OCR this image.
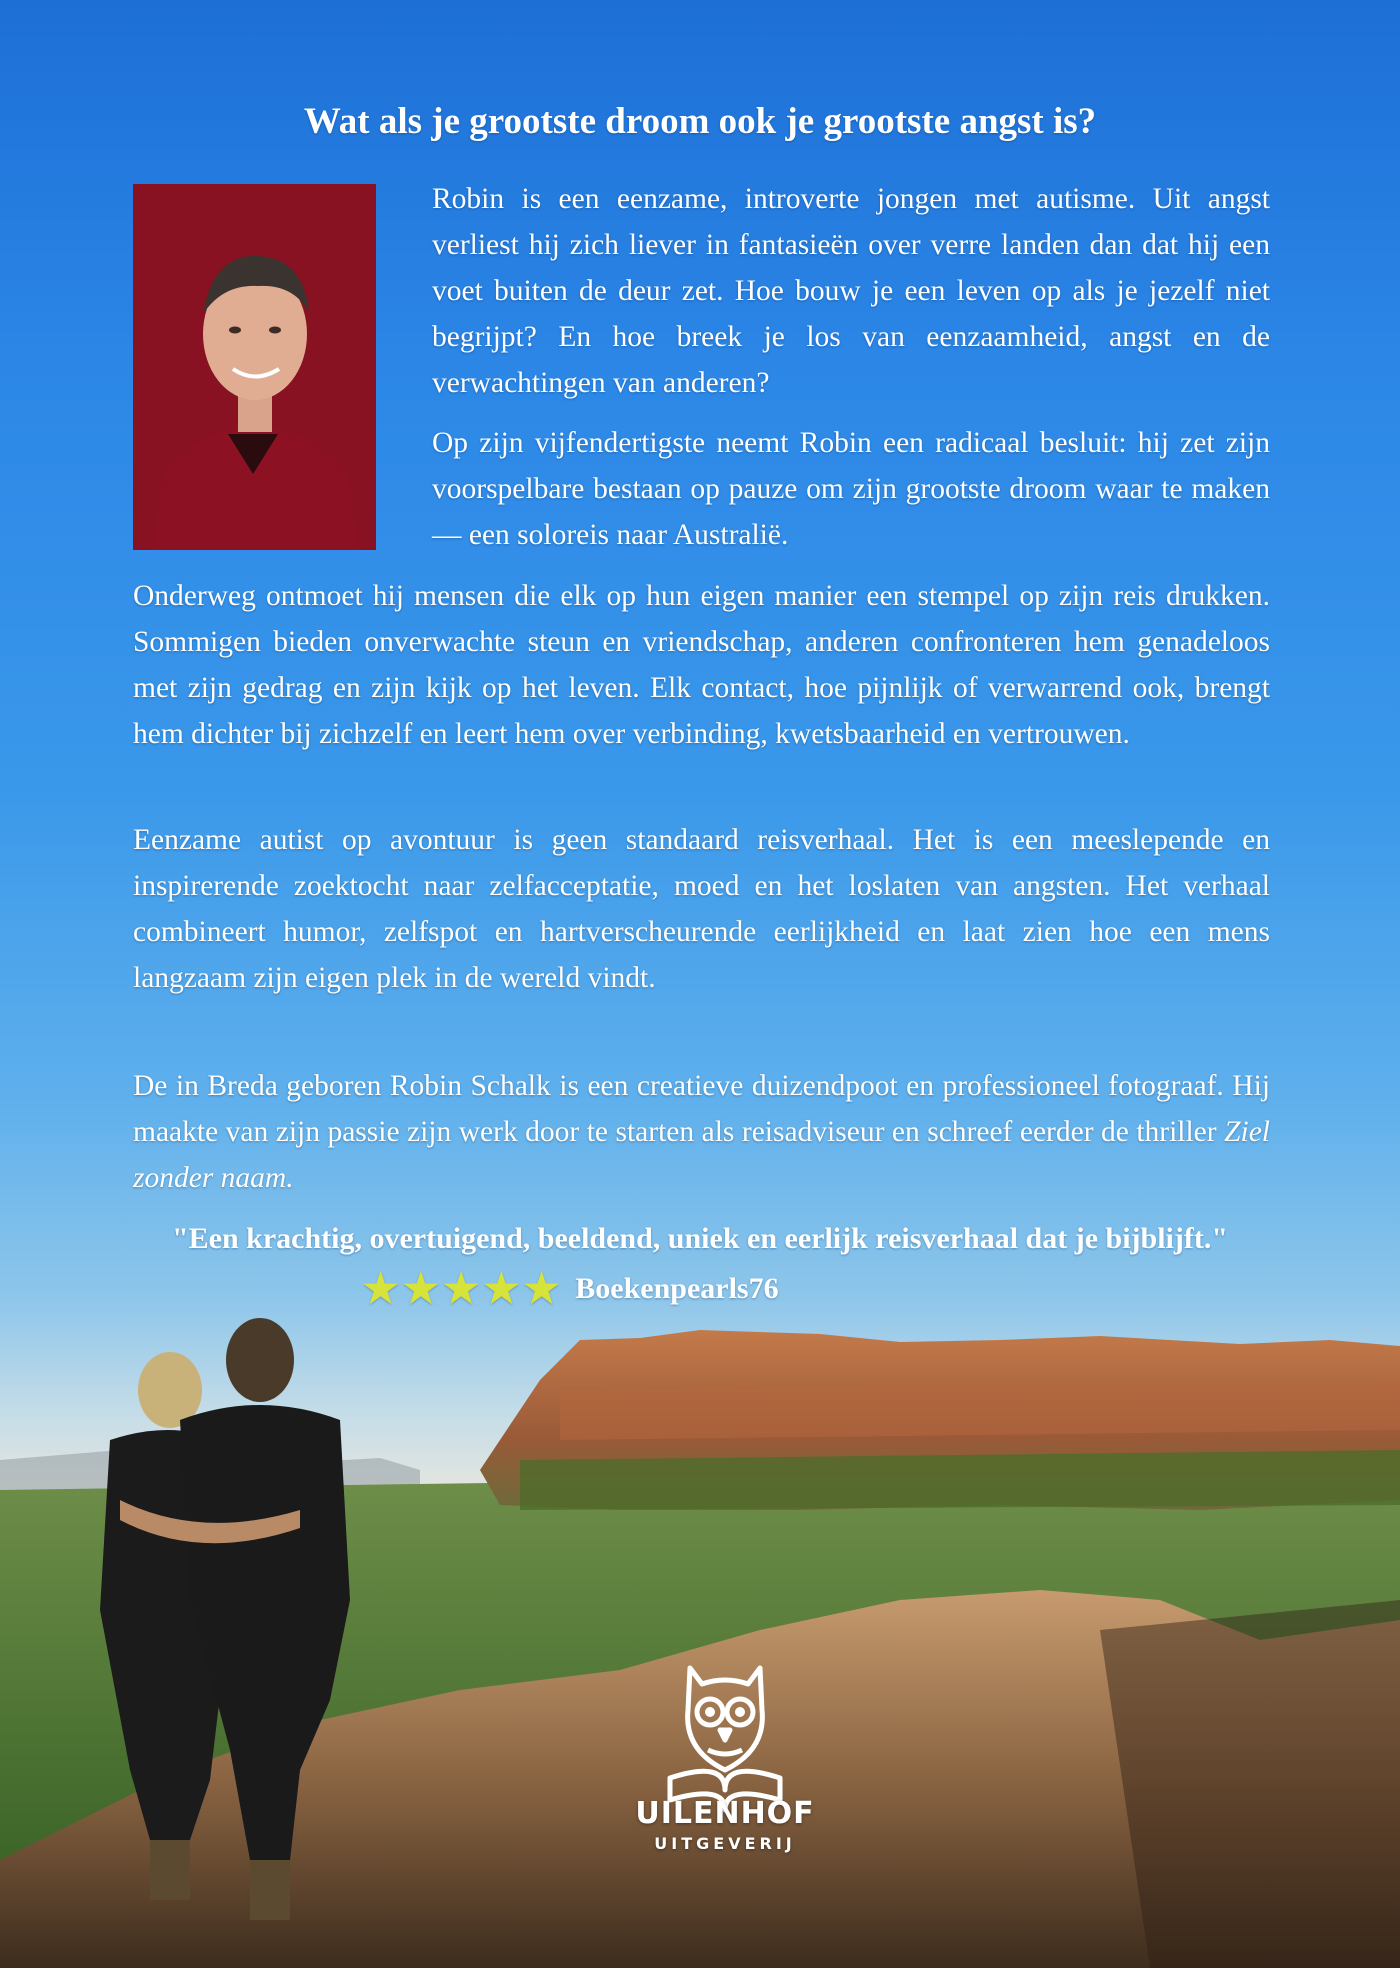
Wat als je grootste droom ook je grootste angst is?

Robin is een eenzame, introverte jongen met autisme. Uit angst verliest hij zich liever in fantasieën over verre landen dan dat hij een voet buiten de deur zet. Hoe bouw je een leven op als je jezelf niet begrijpt? En hoe breek je los van eenzaamheid, angst en de verwachtingen van anderen?

Op zijn vijfendertigste neemt Robin een radicaal besluit: hij zet zijn voorspelbare bestaan op pauze om zijn grootste droom waar te maken — een soloreis naar Australië.

Onderweg ontmoet hij mensen die elk op hun eigen manier een stempel op zijn reis drukken. Sommigen bieden onverwachte steun en vriendschap, anderen confronteren hem genadeloos met zijn gedrag en zijn kijk op het leven. Elk contact, hoe pijnlijk of verwarrend ook, brengt hem dichter bij zichzelf en leert hem over verbinding, kwetsbaarheid en vertrouwen.

Eenzame autist op avontuur is geen standaard reisverhaal. Het is een meeslepende en inspirerende zoektocht naar zelfacceptatie, moed en het loslaten van angsten. Het verhaal combineert humor, zelfspot en hartverscheurende eerlijkheid en laat zien hoe een mens langzaam zijn eigen plek in de wereld vindt.

De in Breda geboren Robin Schalk is een creatieve duizendpoot en professioneel fotograaf. Hij maakte van zijn passie zijn werk door te starten als reisadviseur en schreef eerder de thriller Ziel zonder naam.

"Een krachtig, overtuigend, beeldend, uniek en eerlijk reisverhaal dat je bijblijft."
★★★★★ Boekenpearls76
UILENHOF
UITGEVERIJ
